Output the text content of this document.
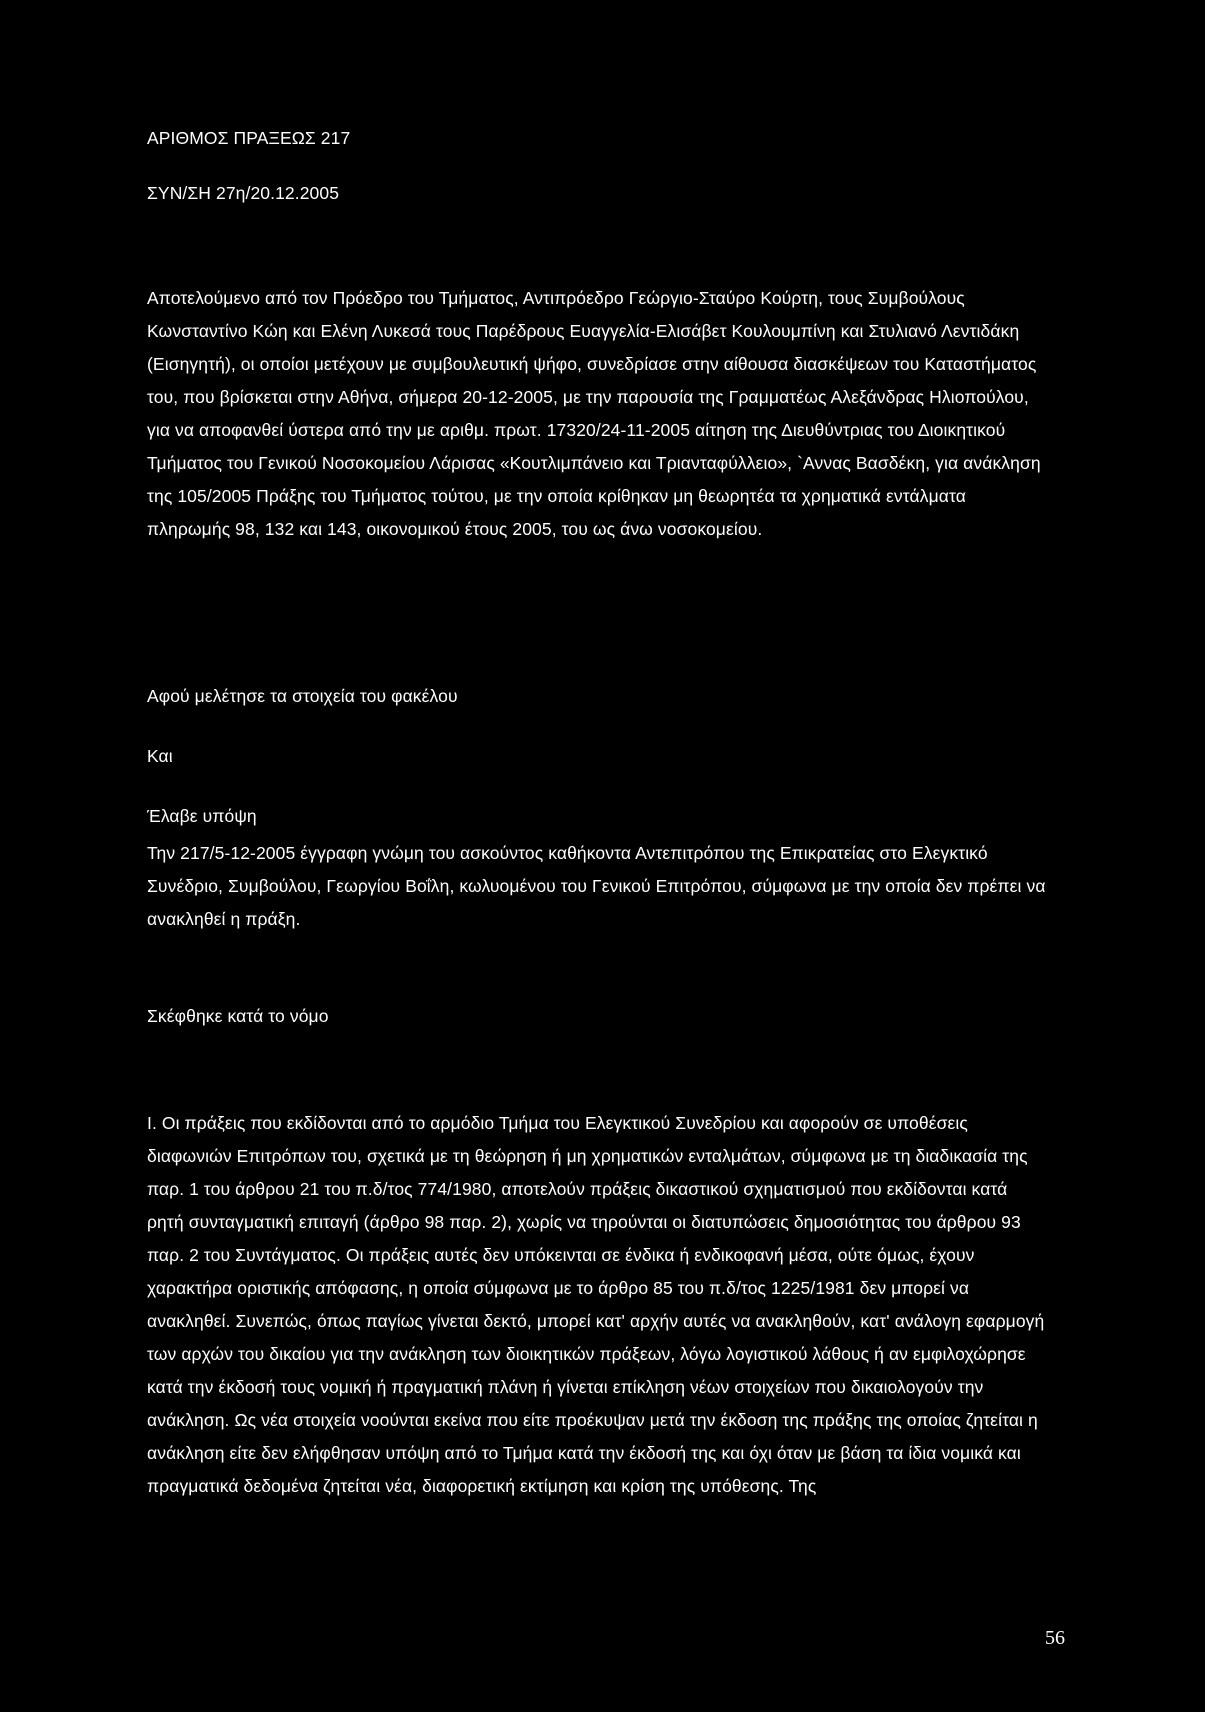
ΑΡΙΘΜΟΣ ΠΡΑΞΕΩΣ 217

ΣΥΝ/ΣΗ 27η/20.12.2005

Αποτελούμενο από τον Πρόεδρο του Τμήματος, Αντιπρόεδρο Γεώργιο-Σταύρο Κούρτη, τους Συμβούλους Κωνσταντίνο Κώη και Ελένη Λυκεσά τους Παρέδρους Ευαγγελία-Ελισάβετ Κουλουμπίνη και Στυλιανό Λεντιδάκη (Εισηγητή), οι οποίοι μετέχουν με συμβουλευτική ψήφο, συνεδρίασε στην αίθουσα διασκέψεων του Καταστήματος του, που βρίσκεται στην Αθήνα, σήμερα 20-12-2005, με την παρουσία της Γραμματέως Αλεξάνδρας Ηλιοπούλου, για να αποφανθεί ύστερα από την με αριθμ. πρωτ. 17320/24-11-2005 αίτηση της Διευθύντριας του Διοικητικού Τμήματος του Γενικού Νοσοκομείου Λάρισας «Κουτλιμπάνειο και Τριανταφύλλειο», `Αννας Βασδέκη, για ανάκληση της 105/2005 Πράξης του Τμήματος τούτου, με την οποία κρίθηκαν μη θεωρητέα τα χρηματικά εντάλματα πληρωμής 98, 132 και 143, οικονομικού έτους 2005, του ως άνω νοσοκομείου.

Αφού μελέτησε τα στοιχεία του φακέλου

Και

Έλαβε υπόψη

Την 217/5-12-2005 έγγραφη γνώμη του ασκούντος καθήκοντα Αντεπιτρόπου της Επικρατείας στο Ελεγκτικό Συνέδριο, Συμβούλου, Γεωργίου Βοΐλη, κωλυομένου του Γενικού Επιτρόπου, σύμφωνα με την οποία δεν πρέπει να ανακληθεί η πράξη.

Σκέφθηκε κατά το νόμο

Ι. Οι πράξεις που εκδίδονται από το αρμόδιο Τμήμα του Ελεγκτικού Συνεδρίου και αφορούν σε υποθέσεις διαφωνιών Επιτρόπων του, σχετικά με τη θεώρηση ή μη χρηματικών ενταλμάτων, σύμφωνα με τη διαδικασία της παρ. 1 του άρθρου 21 του π.δ/τος 774/1980, αποτελούν πράξεις δικαστικού σχηματισμού που εκδίδονται κατά ρητή συνταγματική επιταγή (άρθρο 98 παρ. 2), χωρίς να τηρούνται οι διατυπώσεις δημοσιότητας του άρθρου 93 παρ. 2 του Συντάγματος. Οι πράξεις αυτές δεν υπόκεινται σε ένδικα ή ενδικοφανή μέσα, ούτε όμως, έχουν χαρακτήρα οριστικής απόφασης, η οποία σύμφωνα με το άρθρο 85 του π.δ/τος 1225/1981 δεν μπορεί να ανακληθεί. Συνεπώς, όπως παγίως γίνεται δεκτό, μπορεί κατ' αρχήν αυτές να ανακληθούν, κατ' ανάλογη εφαρμογή των αρχών του δικαίου για την ανάκληση των διοικητικών πράξεων, λόγω λογιστικού λάθους ή αν εμφιλοχώρησε κατά την έκδοσή τους νομική ή πραγματική πλάνη ή γίνεται επίκληση νέων στοιχείων που δικαιολογούν την ανάκληση. Ως νέα στοιχεία νοούνται εκείνα που είτε προέκυψαν μετά την έκδοση της πράξης της οποίας ζητείται η ανάκληση είτε δεν ελήφθησαν υπόψη από το Τμήμα κατά την έκδοσή της και όχι όταν με βάση τα ίδια νομικά και πραγματικά δεδομένα ζητείται νέα, διαφορετική εκτίμηση και κρίση της υπόθεσης. Της

56
